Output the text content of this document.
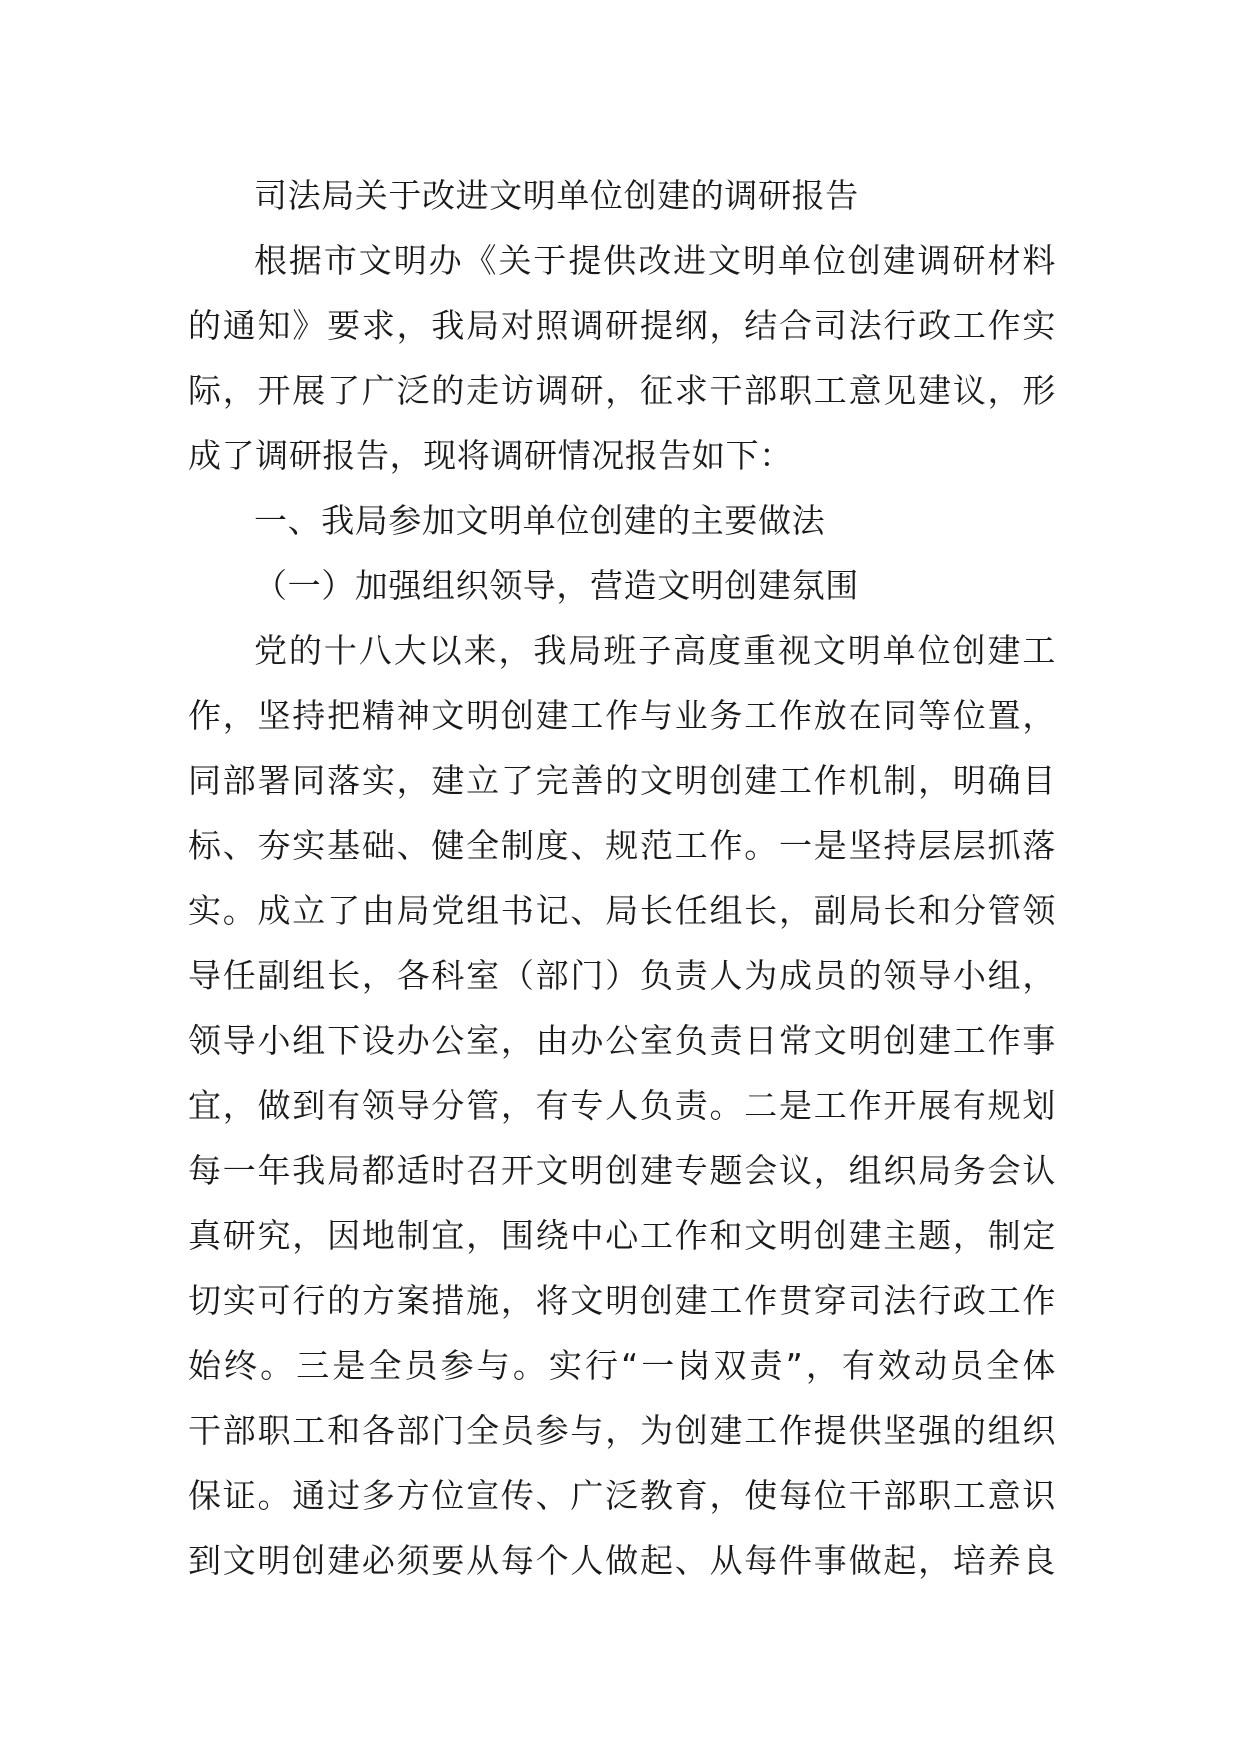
司法局关于改进文明单位创建的调研报告
根据市文明办《关于提供改进文明单位创建调研材料
的通知》要求，我局对照调研提纲，结合司法行政工作实
际，开展了广泛的走访调研，征求干部职工意见建议，形
成了调研报告，现将调研情况报告如下：
一、我局参加文明单位创建的主要做法
（一）加强组织领导，营造文明创建氛围
党的十八大以来，我局班子高度重视文明单位创建工
作，坚持把精神文明创建工作与业务工作放在同等位置，
同部署同落实，建立了完善的文明创建工作机制，明确目
标、夯实基础、健全制度、规范工作。一是坚持层层抓落
实。成立了由局党组书记、局长任组长，副局长和分管领
导任副组长，各科室（部门）负责人为成员的领导小组，
领导小组下设办公室，由办公室负责日常文明创建工作事
宜，做到有领导分管，有专人负责。二是工作开展有规划
每一年我局都适时召开文明创建专题会议，组织局务会认
真研究，因地制宜，围绕中心工作和文明创建主题，制定
切实可行的方案措施，将文明创建工作贯穿司法行政工作
始终。三是全员参与。实行“一岗双责”，有效动员全体
干部职工和各部门全员参与，为创建工作提供坚强的组织
保证。通过多方位宣传、广泛教育，使每位干部职工意识
到文明创建必须要从每个人做起、从每件事做起，培养良
